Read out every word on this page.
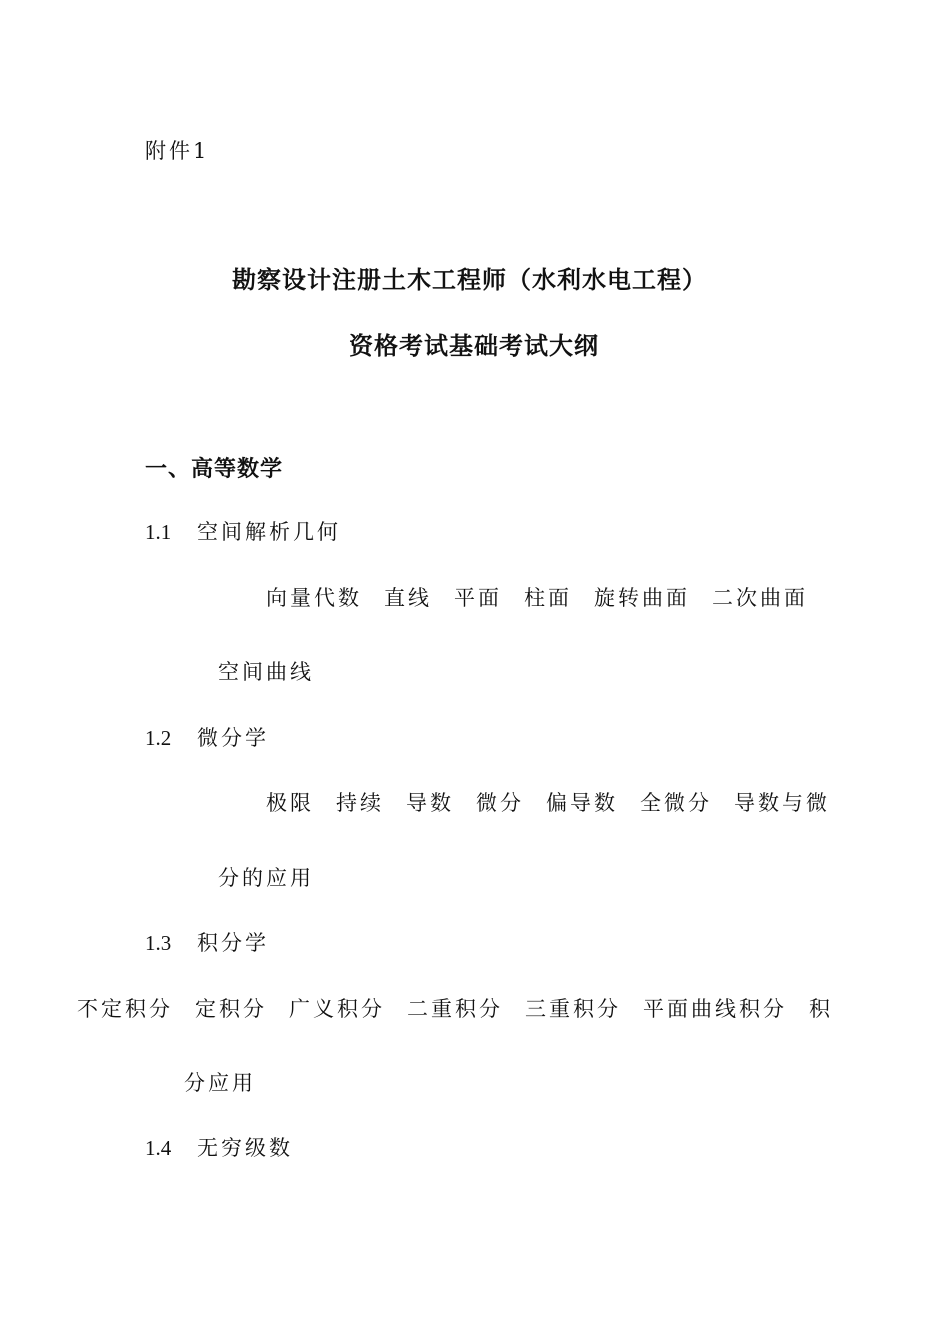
附件1
勘察设计注册土木工程师（水利水电工程）
资格考试基础考试大纲
一、高等数学
1.1 空间解析几何
向量代数 直线 平面 柱面 旋转曲面 二次曲面
空间曲线
1.2 微分学
极限 持续 导数 微分 偏导数 全微分 导数与微
分的应用
1.3 积分学
不定积分 定积分 广义积分 二重积分 三重积分 平面曲线积分 积
分应用
1.4 无穷级数
